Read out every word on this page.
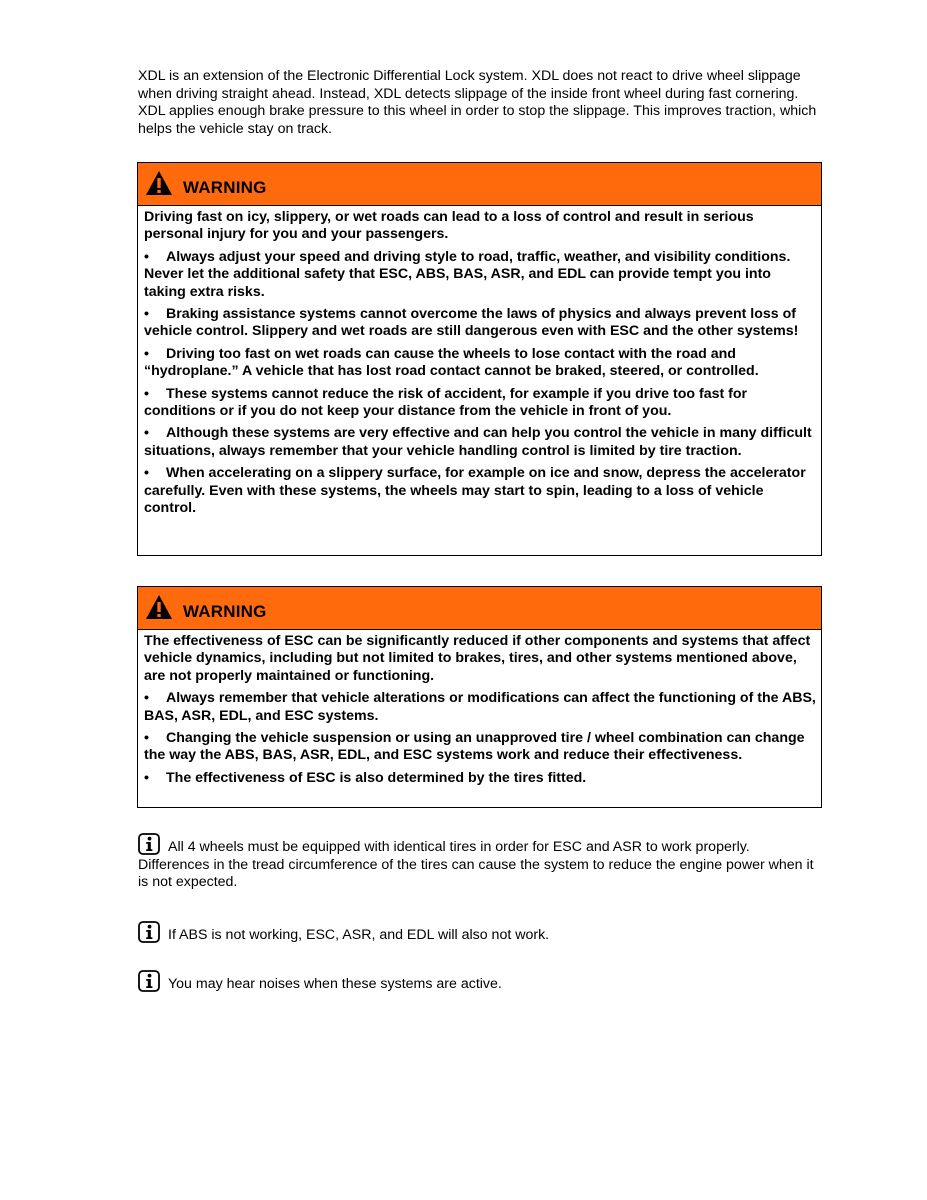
XDL is an extension of the Electronic Differential Lock system. XDL does not react to drive wheel slippage when driving straight ahead. Instead, XDL detects slippage of the inside front wheel during fast cornering. XDL applies enough brake pressure to this wheel in order to stop the slippage. This improves traction, which helps the vehicle stay on track.

WARNING

Driving fast on icy, slippery, or wet roads can lead to a loss of control and result in serious personal injury for you and your passengers.

• Always adjust your speed and driving style to road, traffic, weather, and visibility conditions. Never let the additional safety that ESC, ABS, BAS, ASR, and EDL can provide tempt you into taking extra risks.

• Braking assistance systems cannot overcome the laws of physics and always prevent loss of vehicle control. Slippery and wet roads are still dangerous even with ESC and the other systems!

• Driving too fast on wet roads can cause the wheels to lose contact with the road and “hydroplane.” A vehicle that has lost road contact cannot be braked, steered, or controlled.

• These systems cannot reduce the risk of accident, for example if you drive too fast for conditions or if you do not keep your distance from the vehicle in front of you.

• Although these systems are very effective and can help you control the vehicle in many difficult situations, always remember that your vehicle handling control is limited by tire traction.

• When accelerating on a slippery surface, for example on ice and snow, depress the accelerator carefully. Even with these systems, the wheels may start to spin, leading to a loss of vehicle control.

WARNING

The effectiveness of ESC can be significantly reduced if other components and systems that affect vehicle dynamics, including but not limited to brakes, tires, and other systems mentioned above, are not properly maintained or functioning.

• Always remember that vehicle alterations or modifications can affect the functioning of the ABS, BAS, ASR, EDL, and ESC systems.

• Changing the vehicle suspension or using an unapproved tire / wheel combination can change the way the ABS, BAS, ASR, EDL, and ESC systems work and reduce their effectiveness.

• The effectiveness of ESC is also determined by the tires fitted.

All 4 wheels must be equipped with identical tires in order for ESC and ASR to work properly. Differences in the tread circumference of the tires can cause the system to reduce the engine power when it is not expected.

If ABS is not working, ESC, ASR, and EDL will also not work.

You may hear noises when these systems are active.
